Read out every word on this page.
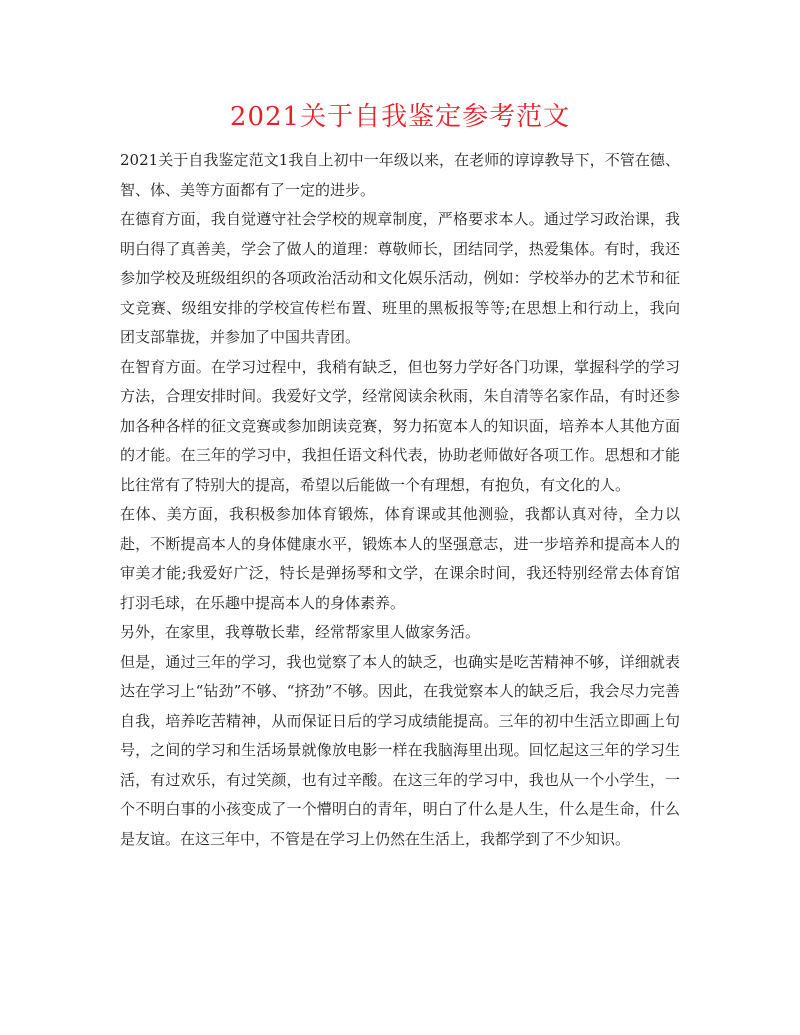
2021关于自我鉴定参考范文

2021关于自我鉴定范文1我自上初中一年级以来，在老师的谆谆教导下，不管在德、智、体、美等方面都有了一定的进步。

在德育方面，我自觉遵守社会学校的规章制度，严格要求本人。通过学习政治课，我明白得了真善美，学会了做人的道理：尊敬师长，团结同学，热爱集体。有时，我还参加学校及班级组织的各项政治活动和文化娱乐活动，例如：学校举办的艺术节和征文竞赛、级组安排的学校宣传栏布置、班里的黑板报等等;在思想上和行动上，我向团支部靠拢，并参加了中国共青团。

在智育方面。在学习过程中，我稍有缺乏，但也努力学好各门功课，掌握科学的学习方法，合理安排时间。我爱好文学，经常阅读余秋雨，朱自清等名家作品，有时还参加各种各样的征文竞赛或参加朗读竞赛，努力拓宽本人的知识面，培养本人其他方面的才能。在三年的学习中，我担任语文科代表，协助老师做好各项工作。思想和才能比往常有了特别大的提高，希望以后能做一个有理想，有抱负，有文化的人。

在体、美方面，我积极参加体育锻炼，体育课或其他测验，我都认真对待，全力以赴，不断提高本人的身体健康水平，锻炼本人的坚强意志，进一步培养和提高本人的审美才能;我爱好广泛，特长是弹扬琴和文学，在课余时间，我还特别经常去体育馆打羽毛球，在乐趣中提高本人的身体素养。

另外，在家里，我尊敬长辈，经常帮家里人做家务活。

但是，通过三年的学习，我也觉察了本人的缺乏，也确实是吃苦精神不够，详细就表达在学习上“钻劲”不够、“挤劲”不够。因此，在我觉察本人的缺乏后，我会尽力完善自我，培养吃苦精神，从而保证日后的学习成绩能提高。三年的初中生活立即画上句号，之间的学习和生活场景就像放电影一样在我脑海里出现。回忆起这三年的学习生活，有过欢乐，有过笑颜，也有过辛酸。在这三年的学习中，我也从一个小学生，一个不明白事的小孩变成了一个懵明白的青年，明白了什么是人生，什么是生命，什么是友谊。在这三年中，不管是在学习上仍然在生活上，我都学到了不少知识。
